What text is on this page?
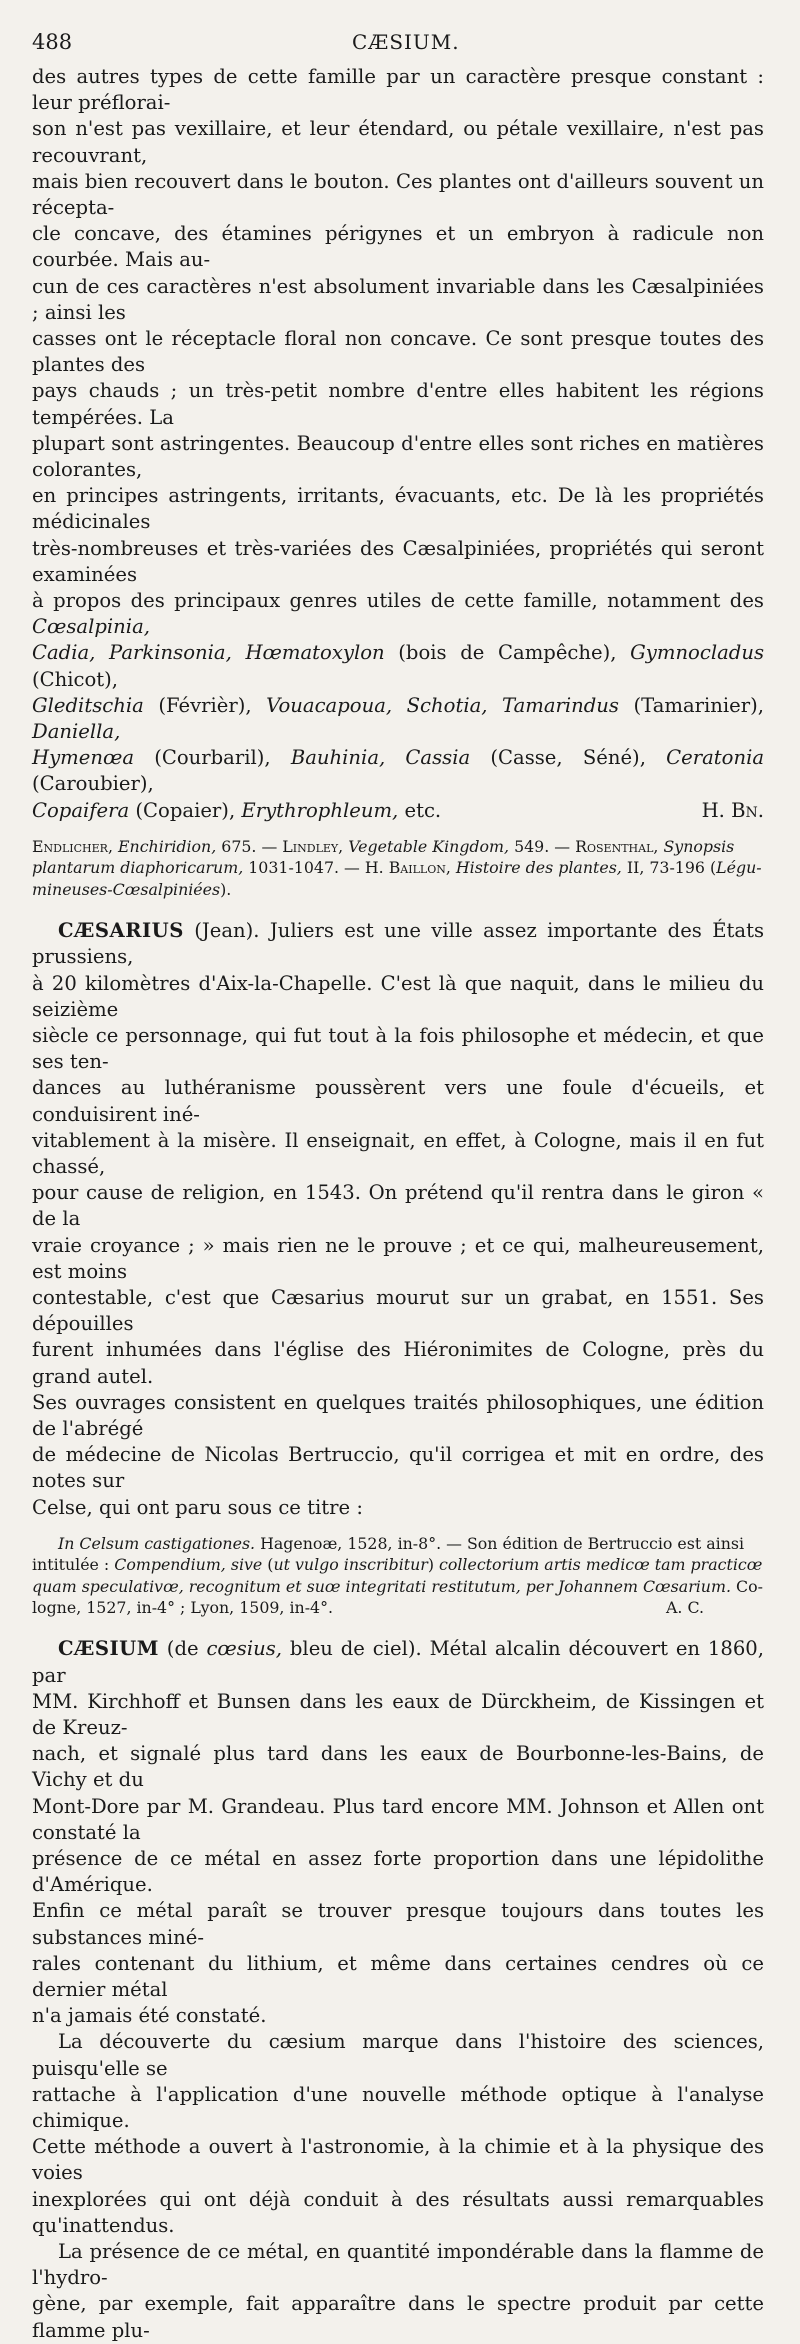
488	CÆSIUM.
des autres types de cette famille par un caractère presque constant : leur préflorai-
son n'est pas vexillaire, et leur étendard, ou pétale vexillaire, n'est pas recouvrant,
mais bien recouvert dans le bouton. Ces plantes ont d'ailleurs souvent un récepta-
cle concave, des étamines périgynes et un embryon à radicule non courbée. Mais au-
cun de ces caractères n'est absolument invariable dans les Cæsalpiniées ; ainsi les
casses ont le réceptacle floral non concave. Ce sont presque toutes des plantes des
pays chauds ; un très-petit nombre d'entre elles habitent les régions tempérées. La
plupart sont astringentes. Beaucoup d'entre elles sont riches en matières colorantes,
en principes astringents, irritants, évacuants, etc. De là les propriétés médicinales
très-nombreuses et très-variées des Cæsalpiniées, propriétés qui seront examinées
à propos des principaux genres utiles de cette famille, notamment des Cœsalpinia,
Cadia, Parkinsonia, Hœmatoxylon (bois de Campêche), Gymnocladus (Chicot),
Gleditschia (Févrièr), Vouacapoua, Schotia, Tamarindus (Tamarinier), Daniella,
Hymenœa (Courbaril), Bauhinia, Cassia (Casse, Séné), Ceratonia (Caroubier),
Copaifera (Copaier), Erythrophleum, etc.	H. Bn.
Endlicher, Enchiridion, 675. — Lindley, Vegetable Kingdom, 549. — Rosenthal, Synopsis
plantarum diaphoricarum, 1031-1047. — H. Baillon, Histoire des plantes, II, 73-196 (Légu-
mineuses-Cœsalpiniées).
CÆSARIUS (Jean). Juliers est une ville assez importante des États prussiens,
à 20 kilomètres d'Aix-la-Chapelle. C'est là que naquit, dans le milieu du seizième
siècle ce personnage, qui fut tout à la fois philosophe et médecin, et que ses ten-
dances au luthéranisme poussèrent vers une foule d'écueils, et conduisirent iné-
vitablement à la misère. Il enseignait, en effet, à Cologne, mais il en fut chassé,
pour cause de religion, en 1543. On prétend qu'il rentra dans le giron « de la
vraie croyance ; » mais rien ne le prouve ; et ce qui, malheureusement, est moins
contestable, c'est que Cæsarius mourut sur un grabat, en 1551. Ses dépouilles
furent inhumées dans l'église des Hiéronimites de Cologne, près du grand autel.
Ses ouvrages consistent en quelques traités philosophiques, une édition de l'abrégé
de médecine de Nicolas Bertruccio, qu'il corrigea et mit en ordre, des notes sur
Celse, qui ont paru sous ce titre :
In Celsum castigationes. Hagenoæ, 1528, in-8°. — Son édition de Bertruccio est ainsi
intitulée : Compendium, sive (ut vulgo inscribitur) collectorium artis medicœ tam practicœ
quam speculativœ, recognitum et suœ integritati restitutum, per Johannem Cœsarium. Co-
logne, 1527, in-4° ; Lyon, 1509, in-4°.	A. C.
CÆSIUM (de cœsius, bleu de ciel). Métal alcalin découvert en 1860, par
MM. Kirchhoff et Bunsen dans les eaux de Dürckheim, de Kissingen et de Kreuz-
nach, et signalé plus tard dans les eaux de Bourbonne-les-Bains, de Vichy et du
Mont-Dore par M. Grandeau. Plus tard encore MM. Johnson et Allen ont constaté la
présence de ce métal en assez forte proportion dans une lépidolithe d'Amérique.
Enfin ce métal paraît se trouver presque toujours dans toutes les substances miné-
rales contenant du lithium, et même dans certaines cendres où ce dernier métal
n'a jamais été constaté.
La découverte du cæsium marque dans l'histoire des sciences, puisqu'elle se
rattache à l'application d'une nouvelle méthode optique à l'analyse chimique.
Cette méthode a ouvert à l'astronomie, à la chimie et à la physique des voies
inexplorées qui ont déjà conduit à des résultats aussi remarquables qu'inattendus.
La présence de ce métal, en quantité impondérable dans la flamme de l'hydro-
gène, par exemple, fait apparaître dans le spectre produit par cette flamme plu-
